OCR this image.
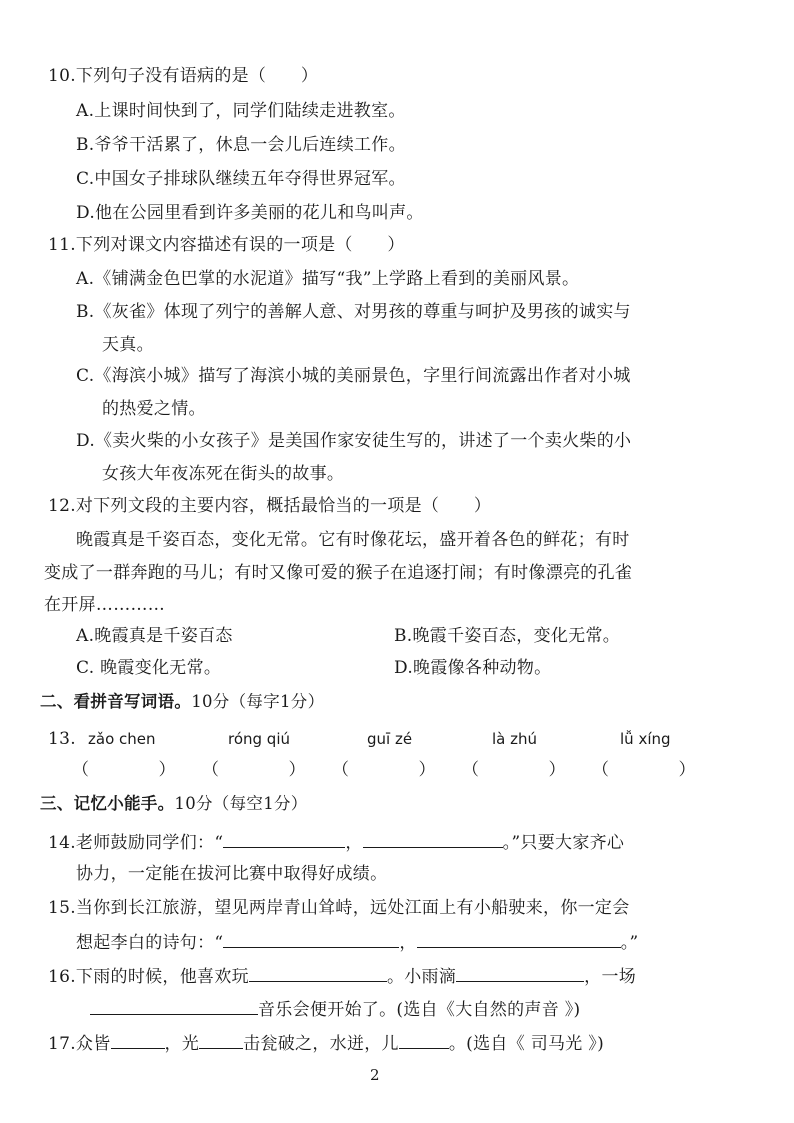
10.下列句子没有语病的是（　　）
A.上课时间快到了，同学们陆续走进教室。
B.爷爷干活累了，休息一会儿后连续工作。
C.中国女子排球队继续五年夺得世界冠军。
D.他在公园里看到许多美丽的花儿和鸟叫声。
11.下列对课文内容描述有误的一项是（　　）
A.《铺满金色巴掌的水泥道》描写“我”上学路上看到的美丽风景。
B.《灰雀》体现了列宁的善解人意、对男孩的尊重与呵护及男孩的诚实与
天真。
C.《海滨小城》描写了海滨小城的美丽景色，字里行间流露出作者对小城
的热爱之情。
D.《卖火柴的小女孩子》是美国作家安徒生写的，讲述了一个卖火柴的小
女孩大年夜冻死在街头的故事。
12.对下列文段的主要内容，概括最恰当的一项是（　　）
晚霞真是千姿百态，变化无常。它有时像花坛，盛开着各色的鲜花；有时
变成了一群奔跑的马儿；有时又像可爱的猴子在追逐打闹；有时像漂亮的孔雀
在开屏…………
A.晚霞真是千姿百态	B.晚霞千姿百态，变化无常。
C. 晚霞变化无常。	D.晚霞像各种动物。
二、看拼音写词语。10分（每字1分）
13. zǎo chen	róng qiú	guī zé	là zhú	lǚ xíng
（　　　　） （　　　　） （　　　　） （　　　　） （　　　　）
三、记忆小能手。10分（每空1分）
14.老师鼓励同学们：“	，	。”只要大家齐心
协力，一定能在拔河比赛中取得好成绩。
15.当你到长江旅游，望见两岸青山耸峙，远处江面上有小船驶来，你一定会
想起李白的诗句：“	，	。”
16.下雨的时候，他喜欢玩	。小雨滴	，一场
音乐会便开始了。(选自《大自然的声音 》)
17.众皆	，光	击瓮破之，水迸，儿	。(选自《 司马光 》)
2
